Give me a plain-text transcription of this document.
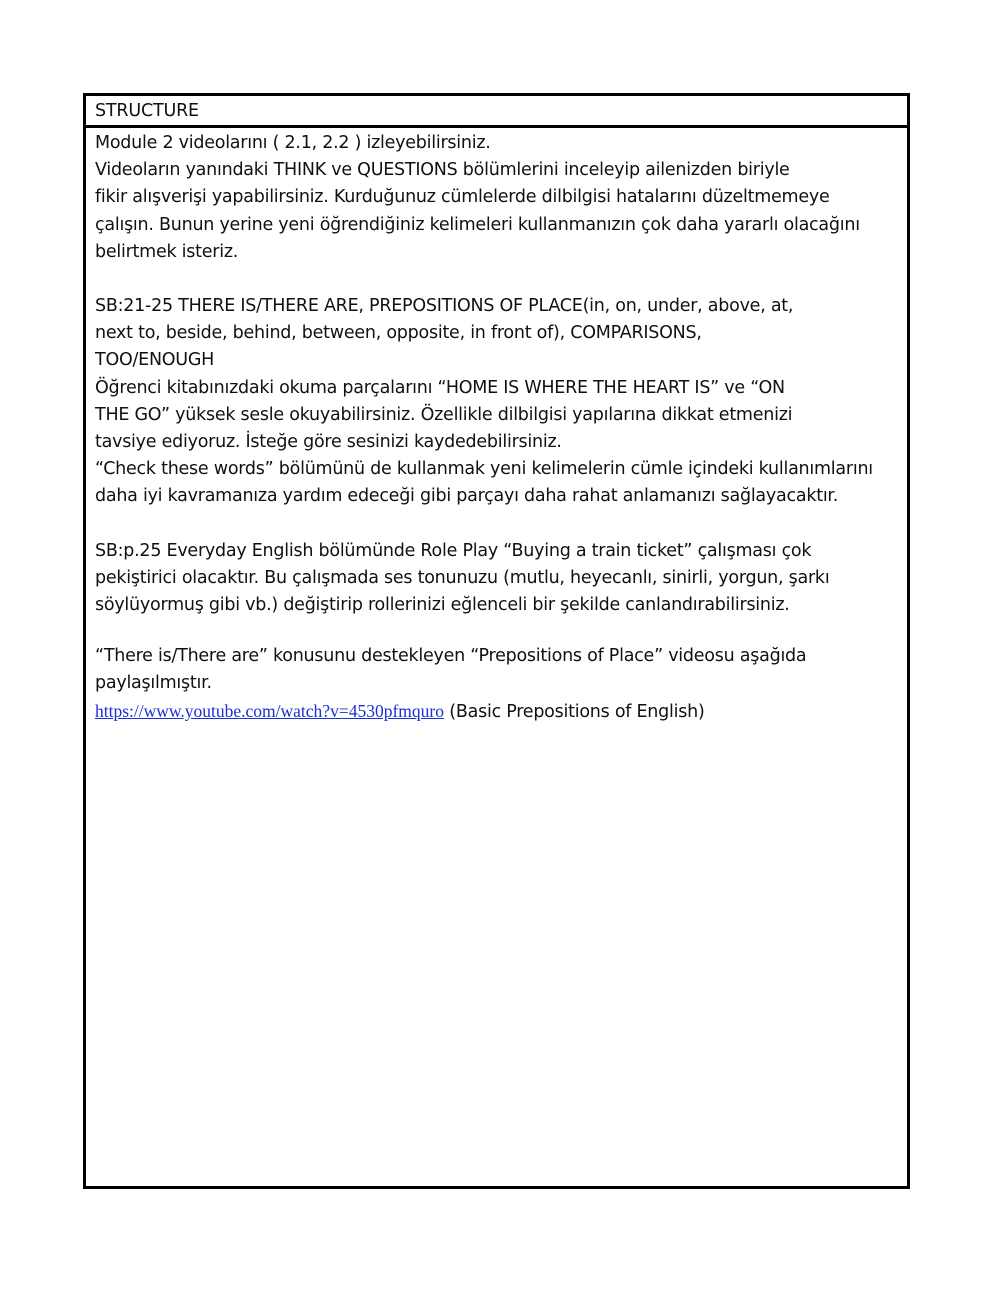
STRUCTURE

Module 2 videolarını ( 2.1, 2.2 ) izleyebilirsiniz.
Videoların yanındaki THINK ve QUESTIONS bölümlerini inceleyip ailenizden biriyle
fikir alışverişi yapabilirsiniz. Kurduğunuz cümlelerde dilbilgisi hatalarını düzeltmemeye
çalışın. Bunun yerine yeni öğrendiğiniz kelimeleri kullanmanızın çok daha yararlı olacağını
belirtmek isteriz.

SB:21-25 THERE IS/THERE ARE, PREPOSITIONS OF PLACE(in, on, under, above, at,
next to, beside, behind, between, opposite, in front of), COMPARISONS,
TOO/ENOUGH
Öğrenci kitabınızdaki okuma parçalarını “HOME IS WHERE THE HEART IS” ve “ON
THE GO” yüksek sesle okuyabilirsiniz. Özellikle dilbilgisi yapılarına dikkat etmenizi
tavsiye ediyoruz. İsteğe göre sesinizi kaydedebilirsiniz.
“Check these words” bölümünü de kullanmak yeni kelimelerin cümle içindeki kullanımlarını
daha iyi kavramanıza yardım edeceği gibi parçayı daha rahat anlamanızı sağlayacaktır.

SB:p.25 Everyday English bölümünde Role Play “Buying a train ticket” çalışması çok
pekiştirici olacaktır. Bu çalışmada ses tonunuzu (mutlu, heyecanlı, sinirli, yorgun, şarkı
söylüyormuş gibi vb.) değiştirip rollerinizi eğlenceli bir şekilde canlandırabilirsiniz.

“There is/There are” konusunu destekleyen “Prepositions of Place” videosu aşağıda
paylaşılmıştır.
https://www.youtube.com/watch?v=4530pfmquro (Basic Prepositions of English)
